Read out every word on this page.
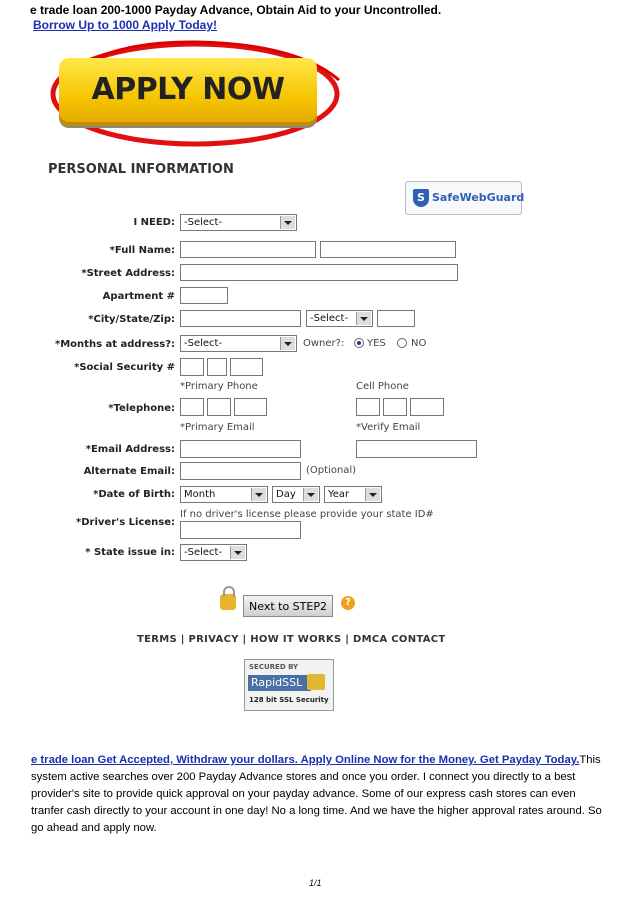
e trade loan 200-1000 Payday Advance, Obtain Aid to your Uncontrolled.
Borrow Up to 1000 Apply Today!
APPLY NOW
PERSONAL INFORMATION
S SafeWebGuard
I NEED: -Select-
*Full Name:
*Street Address:
Apartment #
*City/State/Zip:	-Select-
*Months at address?: -Select-	Owner?: YES	NO
*Social Security #
*Primary Phone	Cell Phone
*Telephone:
*Primary Email	*Verify Email
*Email Address:
Alternate Email:	(Optional)
*Date of Birth: Month	Day	Year
If no driver's license please provide your state ID#
*Driver's License:
* State issue in: -Select-
Next to STEP2	?
TERMS | PRIVACY | HOW IT WORKS | DMCA CONTACT
SECURED BY
RapidSSL
128 bit SSL Security
e trade loan Get Accepted, Withdraw your dollars. Apply Online Now for the Money. Get Payday Today.This system active searches over 200 Payday Advance stores and once you order. I connect you directly to a best provider's site to provide quick approval on your payday advance. Some of our express cash stores can even tranfer cash directly to your account in one day! No a long time. And we have the higher approval rates around. So go ahead and apply now.
1/1
